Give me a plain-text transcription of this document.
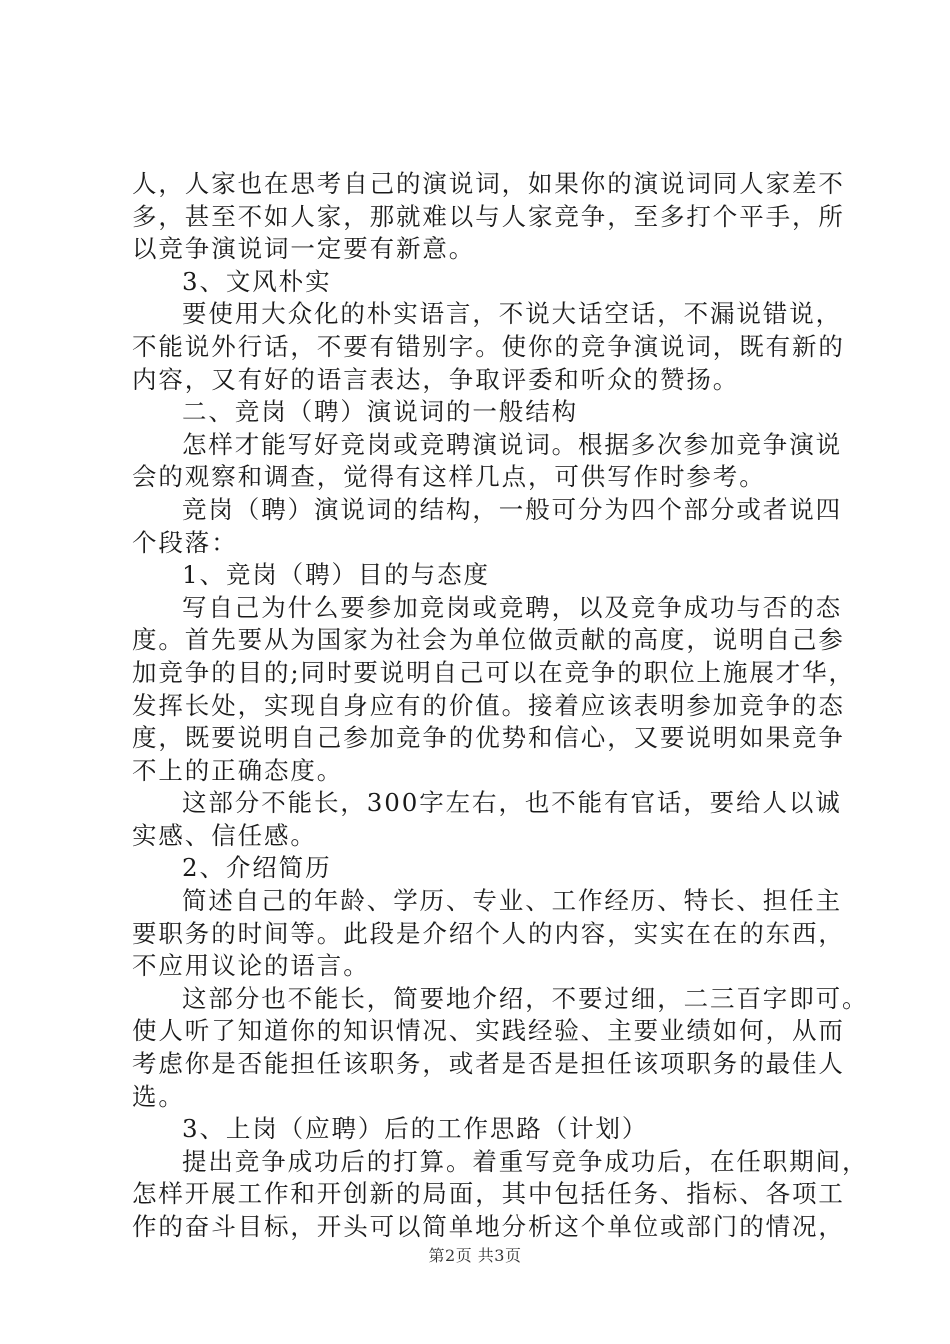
人，人家也在思考自己的演说词，如果你的演说词同人家差不
多，甚至不如人家，那就难以与人家竞争，至多打个平手，所
以竞争演说词一定要有新意。
3、文风朴实
要使用大众化的朴实语言，不说大话空话，不漏说错说，
不能说外行话，不要有错别字。使你的竞争演说词，既有新的
内容，又有好的语言表达，争取评委和听众的赞扬。
二、竞岗（聘）演说词的一般结构
怎样才能写好竞岗或竞聘演说词。根据多次参加竞争演说
会的观察和调查，觉得有这样几点，可供写作时参考。
竞岗（聘）演说词的结构，一般可分为四个部分或者说四
个段落：
1、竞岗（聘）目的与态度
写自己为什么要参加竞岗或竞聘，以及竞争成功与否的态
度。首先要从为国家为社会为单位做贡献的高度，说明自己参
加竞争的目的;同时要说明自己可以在竞争的职位上施展才华，
发挥长处，实现自身应有的价值。接着应该表明参加竞争的态
度，既要说明自己参加竞争的优势和信心，又要说明如果竞争
不上的正确态度。
这部分不能长，300字左右，也不能有官话，要给人以诚
实感、信任感。
2、介绍简历
简述自己的年龄、学历、专业、工作经历、特长、担任主
要职务的时间等。此段是介绍个人的内容，实实在在的东西，
不应用议论的语言。
这部分也不能长，简要地介绍，不要过细，二三百字即可。
使人听了知道你的知识情况、实践经验、主要业绩如何，从而
考虑你是否能担任该职务，或者是否是担任该项职务的最佳人
选。
3、上岗（应聘）后的工作思路（计划）
提出竞争成功后的打算。着重写竞争成功后，在任职期间，
怎样开展工作和开创新的局面，其中包括任务、指标、各项工
作的奋斗目标，开头可以简单地分析这个单位或部门的情况，
第2页 共3页
